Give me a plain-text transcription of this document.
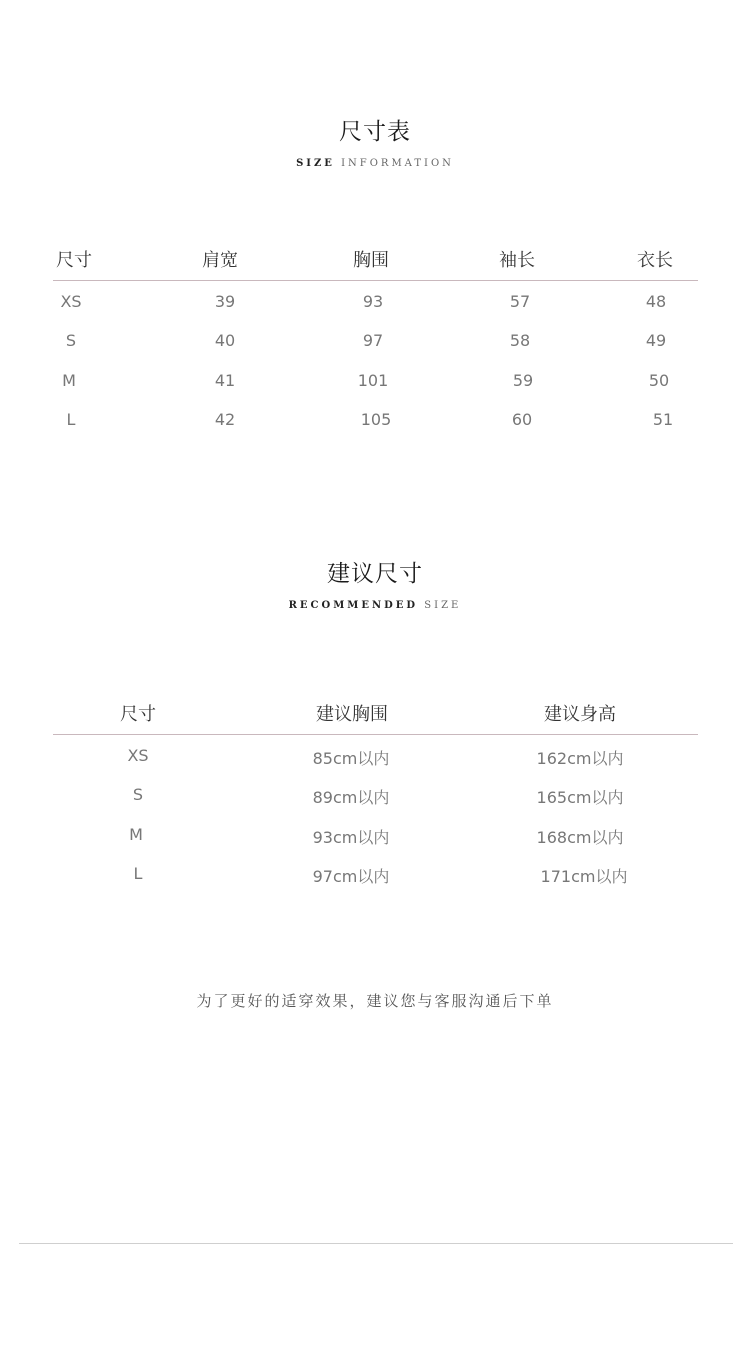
尺寸表
SIZE INFORMATION
尺寸	肩宽	胸围	袖长	衣长
XS	39	93	57	48
S	40	97	58	49
M	41	101	59	50
L	42	105	60	51
建议尺寸
RECOMMENDED SIZE
尺寸	建议胸围	建议身高
XS	85cm以内	162cm以内
S	89cm以内	165cm以内
M	93cm以内	168cm以内
L	97cm以内	171cm以内
为了更好的适穿效果，建议您与客服沟通后下单
